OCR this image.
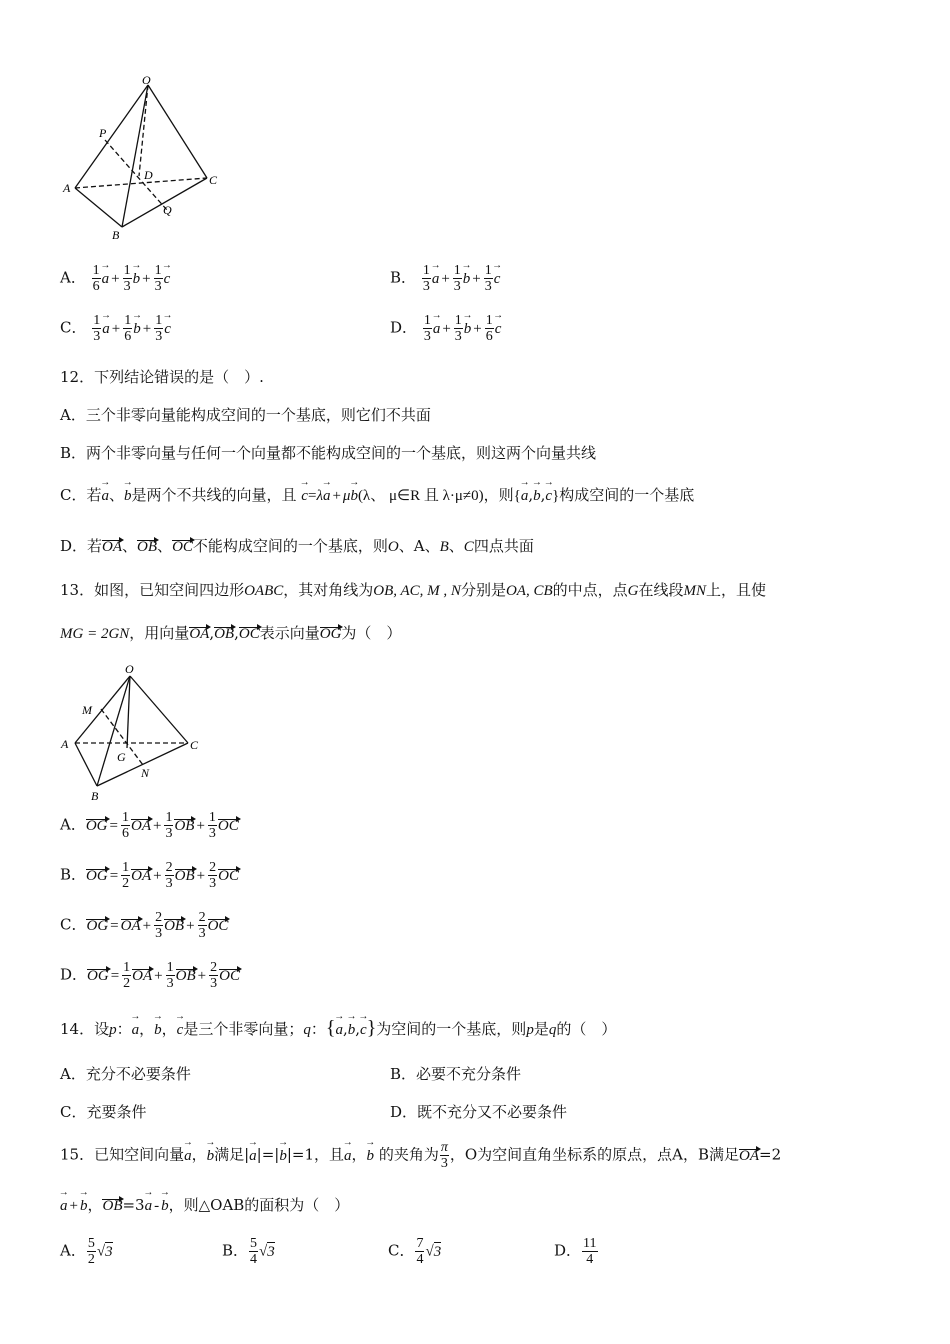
O
P
D
A
C
Q
B
A． $\frac{1}{6}$
→ $a + \frac{1}{3}$
→ $b + \frac{1}{3}$
→ c	B． $\frac{1}{3}$
→ $a + \frac{1}{3}$
→ $b + \frac{1}{3}$
→ c
C． $\frac{1}{3}$
→ $a + \frac{1}{6}$
→ $b + \frac{1}{3}$
→ c	D． $\frac{1}{3}$
→ $a + \frac{1}{3}$
→ $b + \frac{1}{6}$
→ c
12．下列结论错误的是（　）.
A．三个非零向量能构成空间的一个基底，则它们不共面
B．两个非零向量与任何一个向量都不能构成空间的一个基底，则这两个向量共线
C．若→ a、→ b是两个不共线的向量，且 → c=λ→ a + μ→ b(λ、 μ∈R 且 λ·μ≠0)，则{→ a,→ b,→ c}构成空间的一个基底
D．若OA、OB、OC不能构成空间的一个基底，则O、A、B、C四点共面
13．如图，已知空间四边形OABC，其对角线为OB, AC, M , N分别是OA, CB的中点，点G在线段MN上，且使
MG = 2GN，用向量OA,OB,OC表示向量OG为（　）
O
M
A	C
G
N
B
A．OG = $\frac{1}{6}$ OA + $\frac{1}{3}$ OB + $\frac{1}{3}$ OC
B．OG = $\frac{1}{2}$ OA + $\frac{2}{3}$ OB + $\frac{2}{3}$ OC
C．OG = OA + $\frac{2}{3}$ OB + $\frac{2}{3}$ OC
D．OG = $\frac{1}{2}$ OA + $\frac{1}{3}$ OB + $\frac{2}{3}$ OC
14．设p：→ a，→ b，→ c是三个非零向量；q：{→ a,→ b,→ c}为空间的一个基底，则p是q的（　）
A．充分不必要条件	B．必要不充分条件
C．充要条件	D．既不充分又不必要条件
15．已知空间向量→ a，→ b满足|→ a|=|→ b|=1，且→ a，→ b 的夹角为 $\frac{\pi}{3}$ ，O为空间直角坐标系的原点，点A，B满足OA=2
→ a +→ b，OB=3→ a -→ b，则△OAB的面积为（　）
A． $\frac{5}{2} √3$	B． $\frac{5}{4} √3$	C． $\frac{7}{4} √3$	D． $\frac{11}{4}$
